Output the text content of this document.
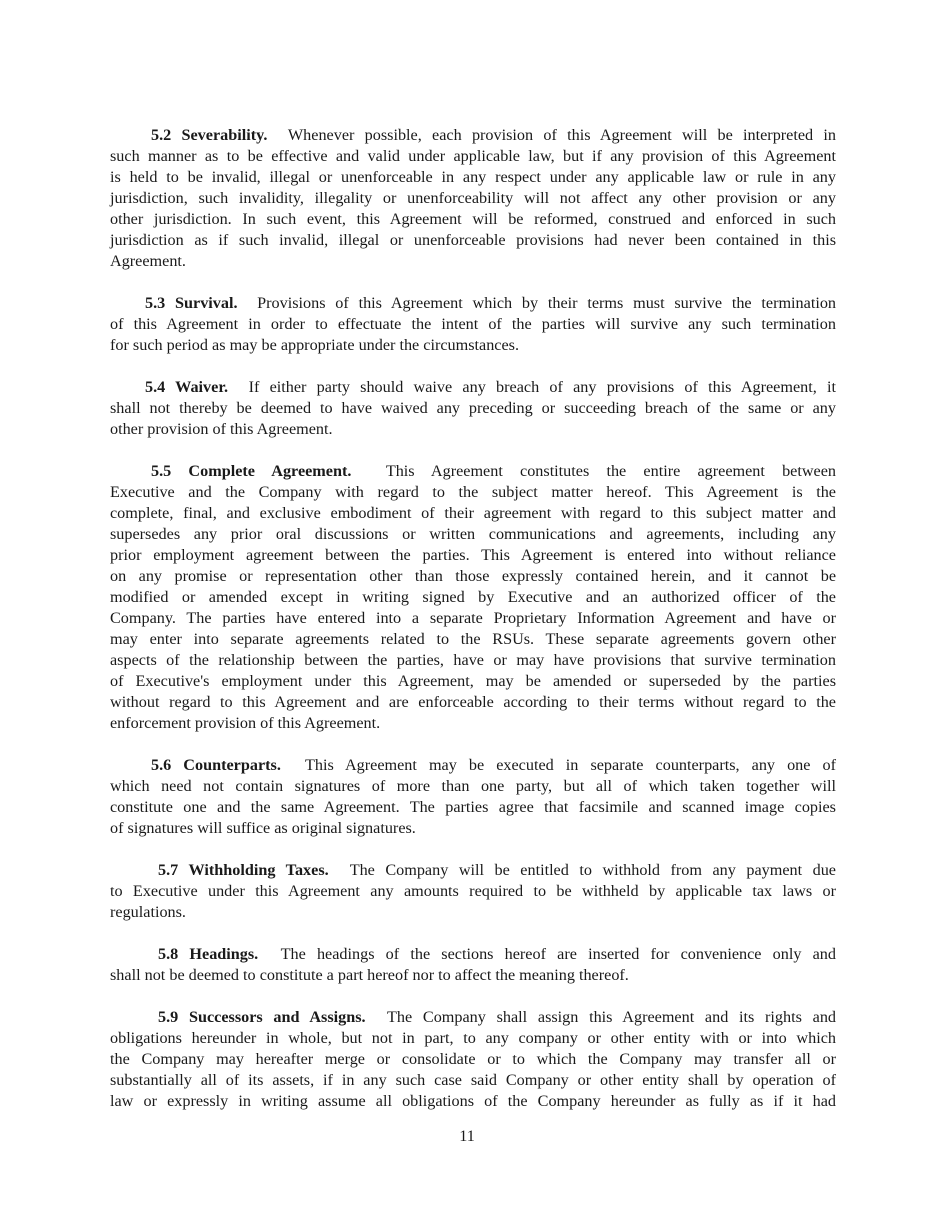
5.2 Severability. Whenever possible, each provision of this Agreement will be interpreted in
such manner as to be effective and valid under applicable law, but if any provision of this Agreement
is held to be invalid, illegal or unenforceable in any respect under any applicable law or rule in any
jurisdiction, such invalidity, illegality or unenforceability will not affect any other provision or any
other jurisdiction. In such event, this Agreement will be reformed, construed and enforced in such
jurisdiction as if such invalid, illegal or unenforceable provisions had never been contained in this
Agreement.
5.3 Survival. Provisions of this Agreement which by their terms must survive the termination
of this Agreement in order to effectuate the intent of the parties will survive any such termination
for such period as may be appropriate under the circumstances.
5.4 Waiver. If either party should waive any breach of any provisions of this Agreement, it
shall not thereby be deemed to have waived any preceding or succeeding breach of the same or any
other provision of this Agreement.
5.5 Complete Agreement. This Agreement constitutes the entire agreement between
Executive and the Company with regard to the subject matter hereof. This Agreement is the
complete, final, and exclusive embodiment of their agreement with regard to this subject matter and
supersedes any prior oral discussions or written communications and agreements, including any
prior employment agreement between the parties. This Agreement is entered into without reliance
on any promise or representation other than those expressly contained herein, and it cannot be
modified or amended except in writing signed by Executive and an authorized officer of the
Company. The parties have entered into a separate Proprietary Information Agreement and have or
may enter into separate agreements related to the RSUs. These separate agreements govern other
aspects of the relationship between the parties, have or may have provisions that survive termination
of Executive's employment under this Agreement, may be amended or superseded by the parties
without regard to this Agreement and are enforceable according to their terms without regard to the
enforcement provision of this Agreement.
5.6 Counterparts. This Agreement may be executed in separate counterparts, any one of
which need not contain signatures of more than one party, but all of which taken together will
constitute one and the same Agreement. The parties agree that facsimile and scanned image copies
of signatures will suffice as original signatures.
5.7 Withholding Taxes. The Company will be entitled to withhold from any payment due
to Executive under this Agreement any amounts required to be withheld by applicable tax laws or
regulations.
5.8 Headings. The headings of the sections hereof are inserted for convenience only and
shall not be deemed to constitute a part hereof nor to affect the meaning thereof.
5.9 Successors and Assigns. The Company shall assign this Agreement and its rights and
obligations hereunder in whole, but not in part, to any company or other entity with or into which
the Company may hereafter merge or consolidate or to which the Company may transfer all or
substantially all of its assets, if in any such case said Company or other entity shall by operation of
law or expressly in writing assume all obligations of the Company hereunder as fully as if it had
11
